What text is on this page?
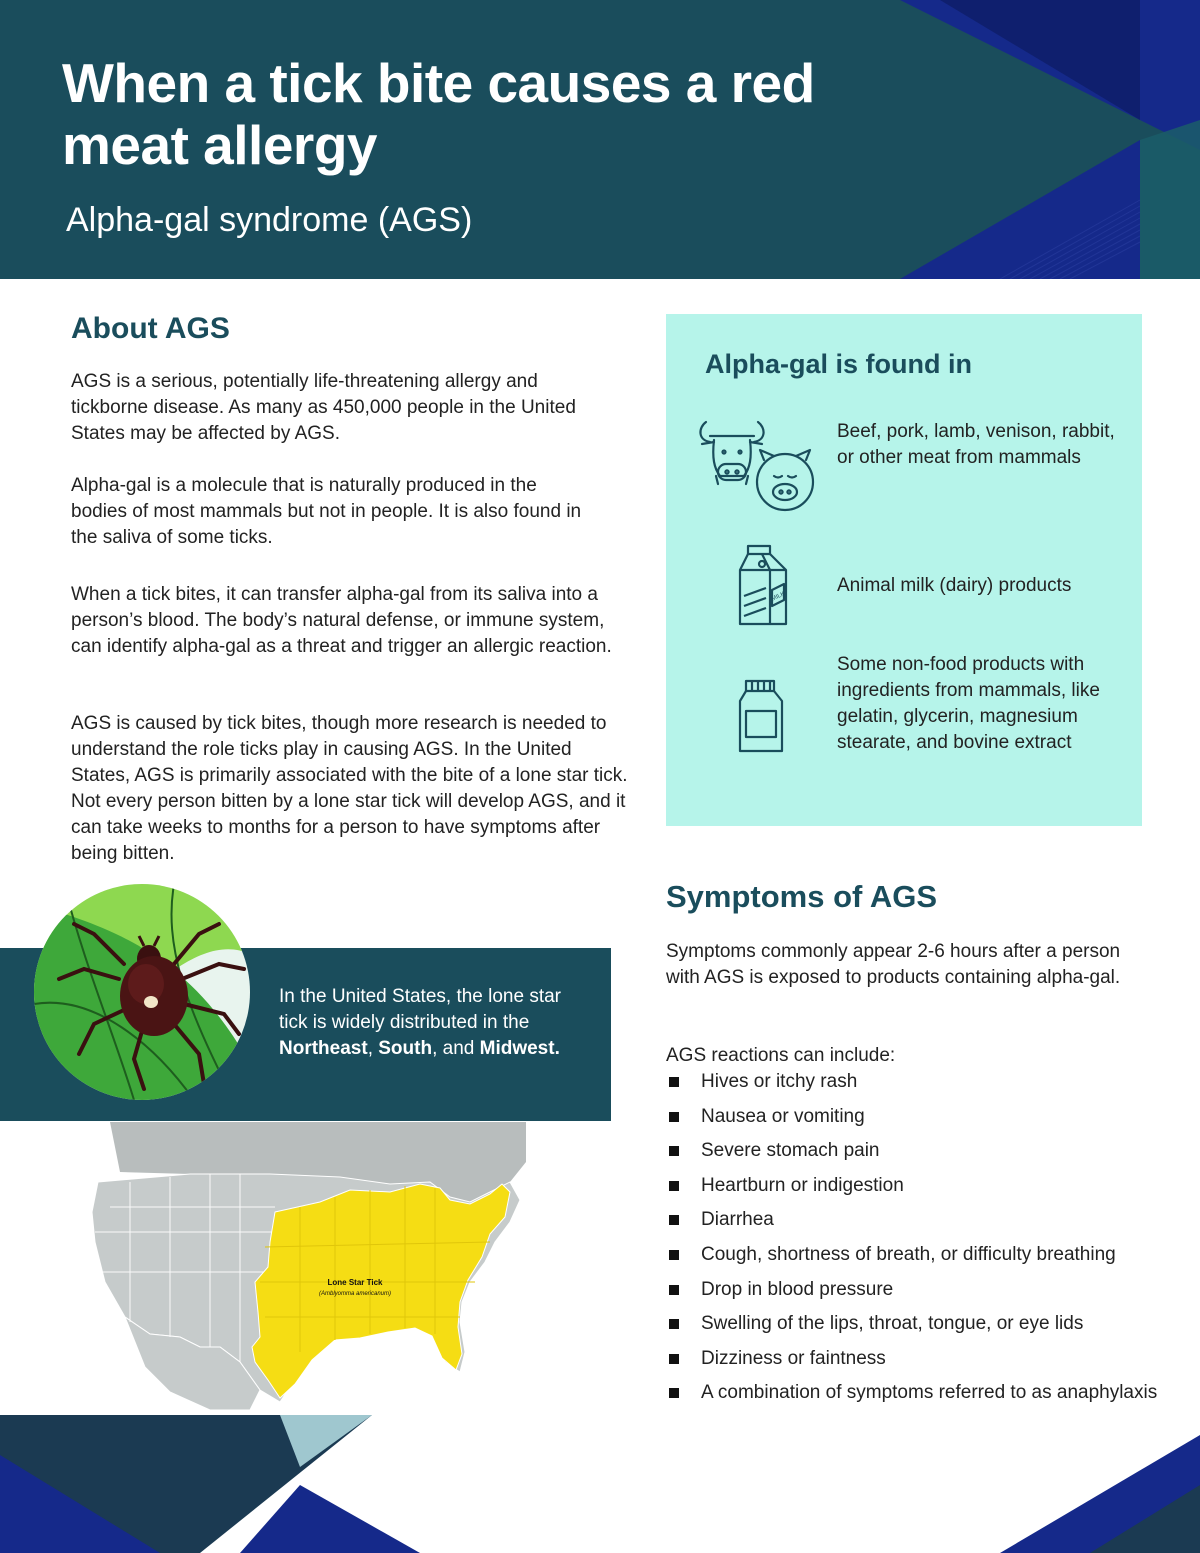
When a tick bite causes a red meat allergy
Alpha-gal syndrome (AGS)
About AGS

AGS is a serious, potentially life-threatening allergy and tickborne disease. As many as 450,000 people in the United States may be affected by AGS.

Alpha-gal is a molecule that is naturally produced in the bodies of most mammals but not in people. It is also found in the saliva of some ticks.

When a tick bites, it can transfer alpha-gal from its saliva into a person’s blood. The body’s natural defense, or immune system, can identify alpha-gal as a threat and trigger an allergic reaction.

AGS is caused by tick bites, though more research is needed to understand the role ticks play in causing AGS. In the United States, AGS is primarily associated with the bite of a lone star tick. Not every person bitten by a lone star tick will develop AGS, and it can take weeks to months for a person to have symptoms after being bitten.

Alpha-gal is found in
Beef, pork, lamb, venison, rabbit, or other meat from mammals
MILK
Animal milk (dairy) products
Some non-food products with ingredients from mammals, like gelatin, glycerin, magnesium stearate, and bovine extract
In the United States, the lone star tick is widely distributed in the Northeast, South, and Midwest.
Lone Star Tick
(Amblyomma americanum)
Symptoms of AGS

Symptoms commonly appear 2-6 hours after a person with AGS is exposed to products containing alpha-gal.

AGS reactions can include:

Hives or itchy rash
Nausea or vomiting
Severe stomach pain
Heartburn or indigestion
Diarrhea
Cough, shortness of breath, or difficulty breathing
Drop in blood pressure
Swelling of the lips, throat, tongue, or eye lids
Dizziness or faintness
A combination of symptoms referred to as anaphylaxis
